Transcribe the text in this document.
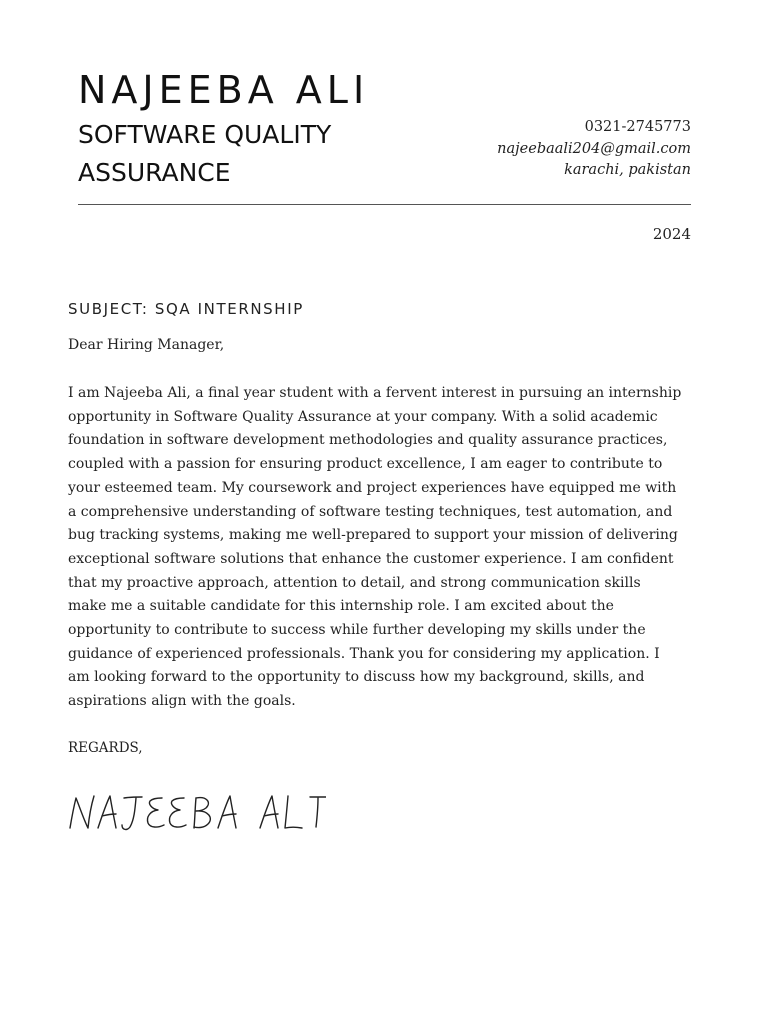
NAJEEBA ALI
SOFTWARE QUALITY ASSURANCE
0321-2745773
najeebaali204@gmail.com
karachi, pakistan
2024
SUBJECT: SQA INTERNSHIP
Dear Hiring Manager,

I am Najeeba Ali, a final year student with a fervent interest in pursuing an internship opportunity in Software Quality Assurance at your company. With a solid academic foundation in software development methodologies and quality assurance practices, coupled with a passion for ensuring product excellence, I am eager to contribute to your esteemed team. My coursework and project experiences have equipped me with a comprehensive understanding of software testing techniques, test automation, and bug tracking systems, making me well-prepared to support your mission of delivering exceptional software solutions that enhance the customer experience. I am confident that my proactive approach, attention to detail, and strong communication skills make me a suitable candidate for this internship role. I am excited about the opportunity to contribute to success while further developing my skills under the guidance of experienced professionals. Thank you for considering my application. I am looking forward to the opportunity to discuss how my background, skills, and aspirations align with the goals.

REGARDS,
